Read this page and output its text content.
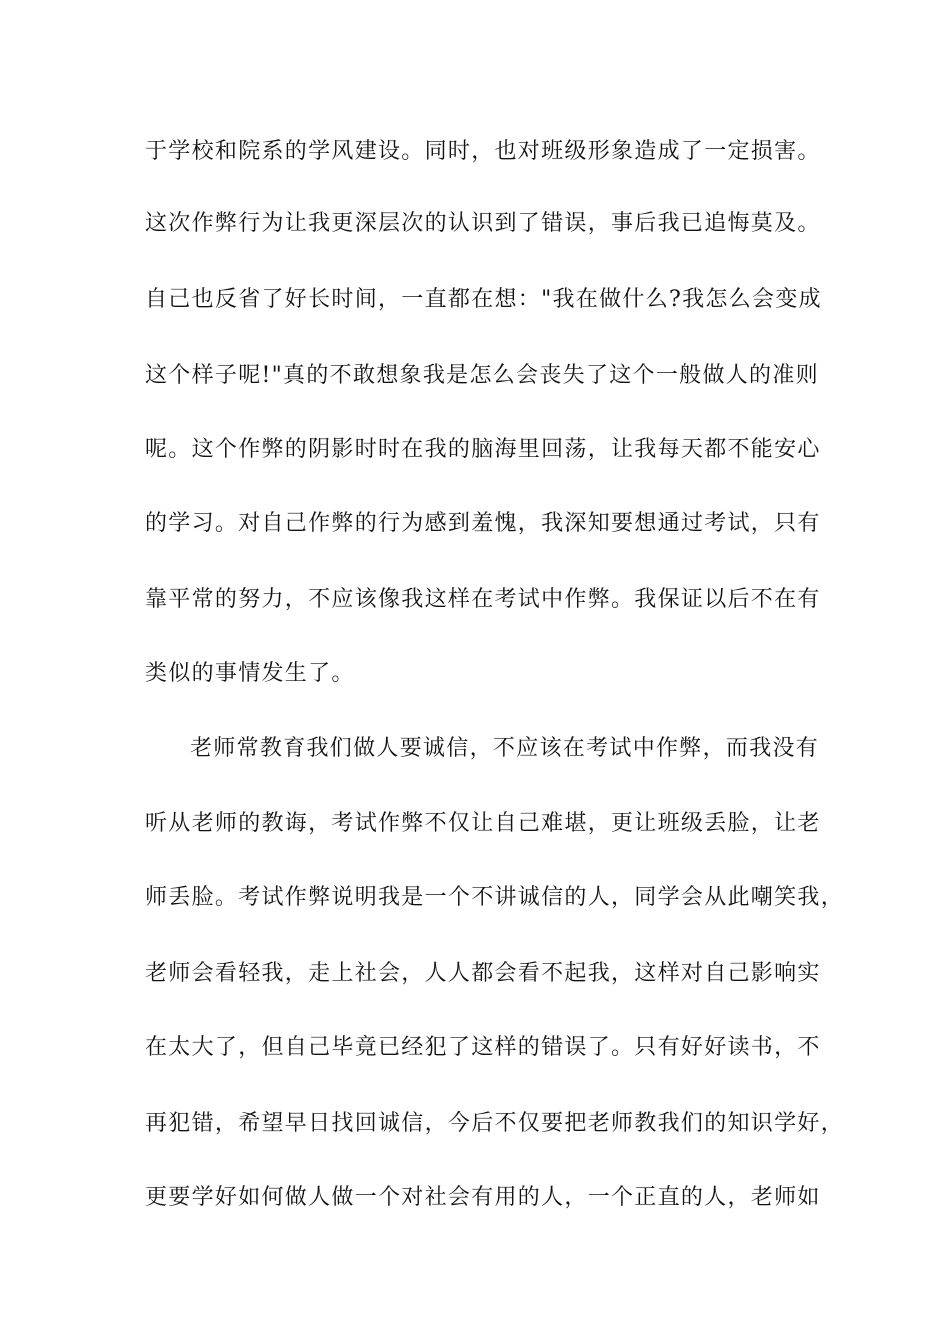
于学校和院系的学风建设。同时，也对班级形象造成了一定损害。
这次作弊行为让我更深层次的认识到了错误，事后我已追悔莫及。
自己也反省了好长时间，一直都在想："我在做什么?我怎么会变成
这个样子呢!"真的不敢想象我是怎么会丧失了这个一般做人的准则
呢。这个作弊的阴影时时在我的脑海里回荡，让我每天都不能安心
的学习。对自己作弊的行为感到羞愧，我深知要想通过考试，只有
靠平常的努力，不应该像我这样在考试中作弊。我保证以后不在有
类似的事情发生了。
老师常教育我们做人要诚信，不应该在考试中作弊，而我没有
听从老师的教诲，考试作弊不仅让自己难堪，更让班级丢脸，让老
师丢脸。考试作弊说明我是一个不讲诚信的人，同学会从此嘲笑我，
老师会看轻我，走上社会，人人都会看不起我，这样对自己影响实
在太大了，但自己毕竟已经犯了这样的错误了。只有好好读书，不
再犯错，希望早日找回诚信，今后不仅要把老师教我们的知识学好，
更要学好如何做人做一个对社会有用的人，一个正直的人，老师如
